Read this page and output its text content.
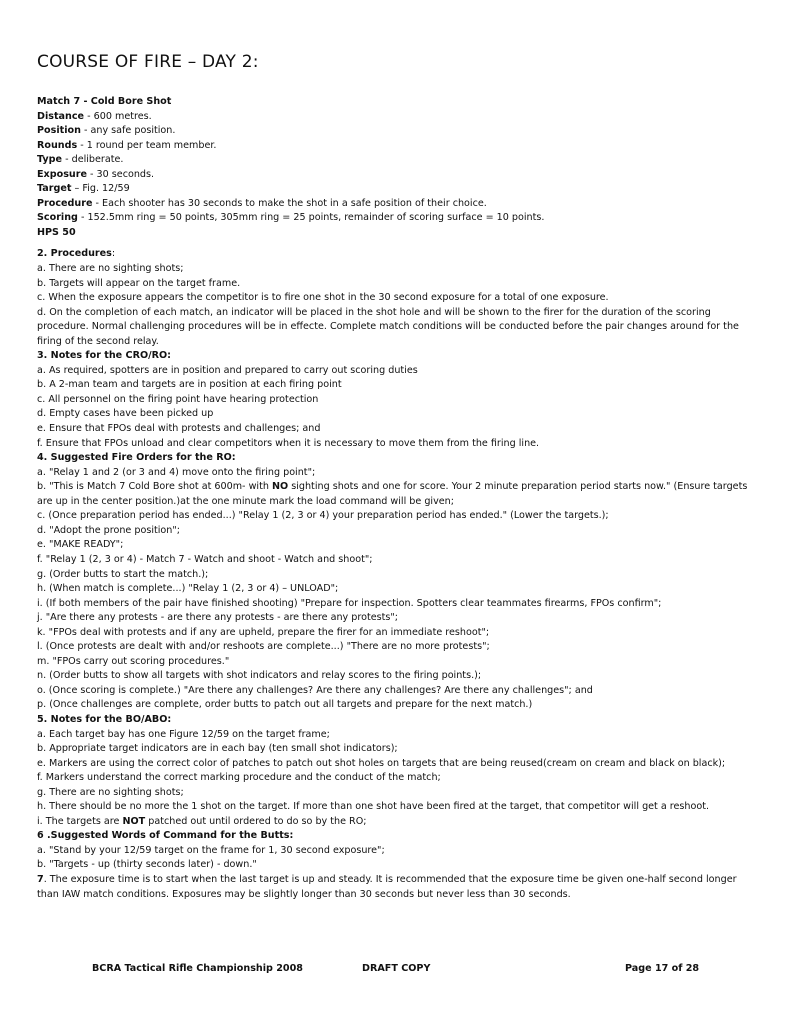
COURSE OF FIRE – DAY 2:
Match 7 - Cold Bore Shot
Distance - 600 metres.
Position - any safe position.
Rounds - 1 round per team member.
Type - deliberate.
Exposure - 30 seconds.
Target – Fig. 12/59
Procedure - Each shooter has 30 seconds to make the shot in a safe position of their choice.
Scoring - 152.5mm ring = 50 points, 305mm ring = 25 points, remainder of scoring surface = 10 points.
HPS 50
2. Procedures:
a. There are no sighting shots;
b. Targets will appear on the target frame.
c. When the exposure appears the competitor is to fire one shot in the 30 second exposure for a total of one exposure.
d. On the completion of each match, an indicator will be placed in the shot hole and will be shown to the firer for the duration of the scoring procedure. Normal challenging procedures will be in effecte. Complete match conditions will be conducted before the pair changes around for the firing of the second relay.
3. Notes for the CRO/RO:
a. As required, spotters are in position and prepared to carry out scoring duties
b. A 2-man team and targets are in position at each firing point
c. All personnel on the firing point have hearing protection
d. Empty cases have been picked up
e. Ensure that FPOs deal with protests and challenges; and
f. Ensure that FPOs unload and clear competitors when it is necessary to move them from the firing line.
4. Suggested Fire Orders for the RO:
a. "Relay 1 and 2 (or 3 and 4) move onto the firing point";
b. "This is Match 7 Cold Bore shot at 600m- with NO sighting shots and one for score. Your 2 minute preparation period starts now." (Ensure targets are up in the center position.)at the one minute mark the load command will be given;
c. (Once preparation period has ended...) "Relay 1 (2, 3 or 4) your preparation period has ended." (Lower the targets.);
d. "Adopt the prone position";
e. "MAKE READY";
f. "Relay 1 (2, 3 or 4) - Match 7 - Watch and shoot - Watch and shoot";
g. (Order butts to start the match.);
h. (When match is complete...) "Relay 1 (2, 3 or 4) – UNLOAD";
i. (If both members of the pair have finished shooting) "Prepare for inspection. Spotters clear teammates firearms, FPOs confirm";
j. "Are there any protests - are there any protests - are there any protests";
k. "FPOs deal with protests and if any are upheld, prepare the firer for an immediate reshoot";
l. (Once protests are dealt with and/or reshoots are complete...) "There are no more protests";
m. "FPOs carry out scoring procedures."
n. (Order butts to show all targets with shot indicators and relay scores to the firing points.);
o. (Once scoring is complete.) "Are there any challenges? Are there any challenges? Are there any challenges"; and
p. (Once challenges are complete, order butts to patch out all targets and prepare for the next match.)
5. Notes for the BO/ABO:
a. Each target bay has one Figure 12/59 on the target frame;
b. Appropriate target indicators are in each bay (ten small shot indicators);
e. Markers are using the correct color of patches to patch out shot holes on targets that are being reused(cream on cream and black on black);
f. Markers understand the correct marking procedure and the conduct of the match;
g. There are no sighting shots;
h. There should be no more the 1 shot on the target. If more than one shot have been fired at the target, that competitor will get a reshoot.
i. The targets are NOT patched out until ordered to do so by the RO;
6 .Suggested Words of Command for the Butts:
a. "Stand by your 12/59 target on the frame for 1, 30 second exposure";
b. "Targets - up (thirty seconds later) - down."
7. The exposure time is to start when the last target is up and steady. It is recommended that the exposure time be given one-half second longer than IAW match conditions. Exposures may be slightly longer than 30 seconds but never less than 30 seconds.
BCRA Tactical Rifle Championship 2008	DRAFT COPY	Page 17 of 28
